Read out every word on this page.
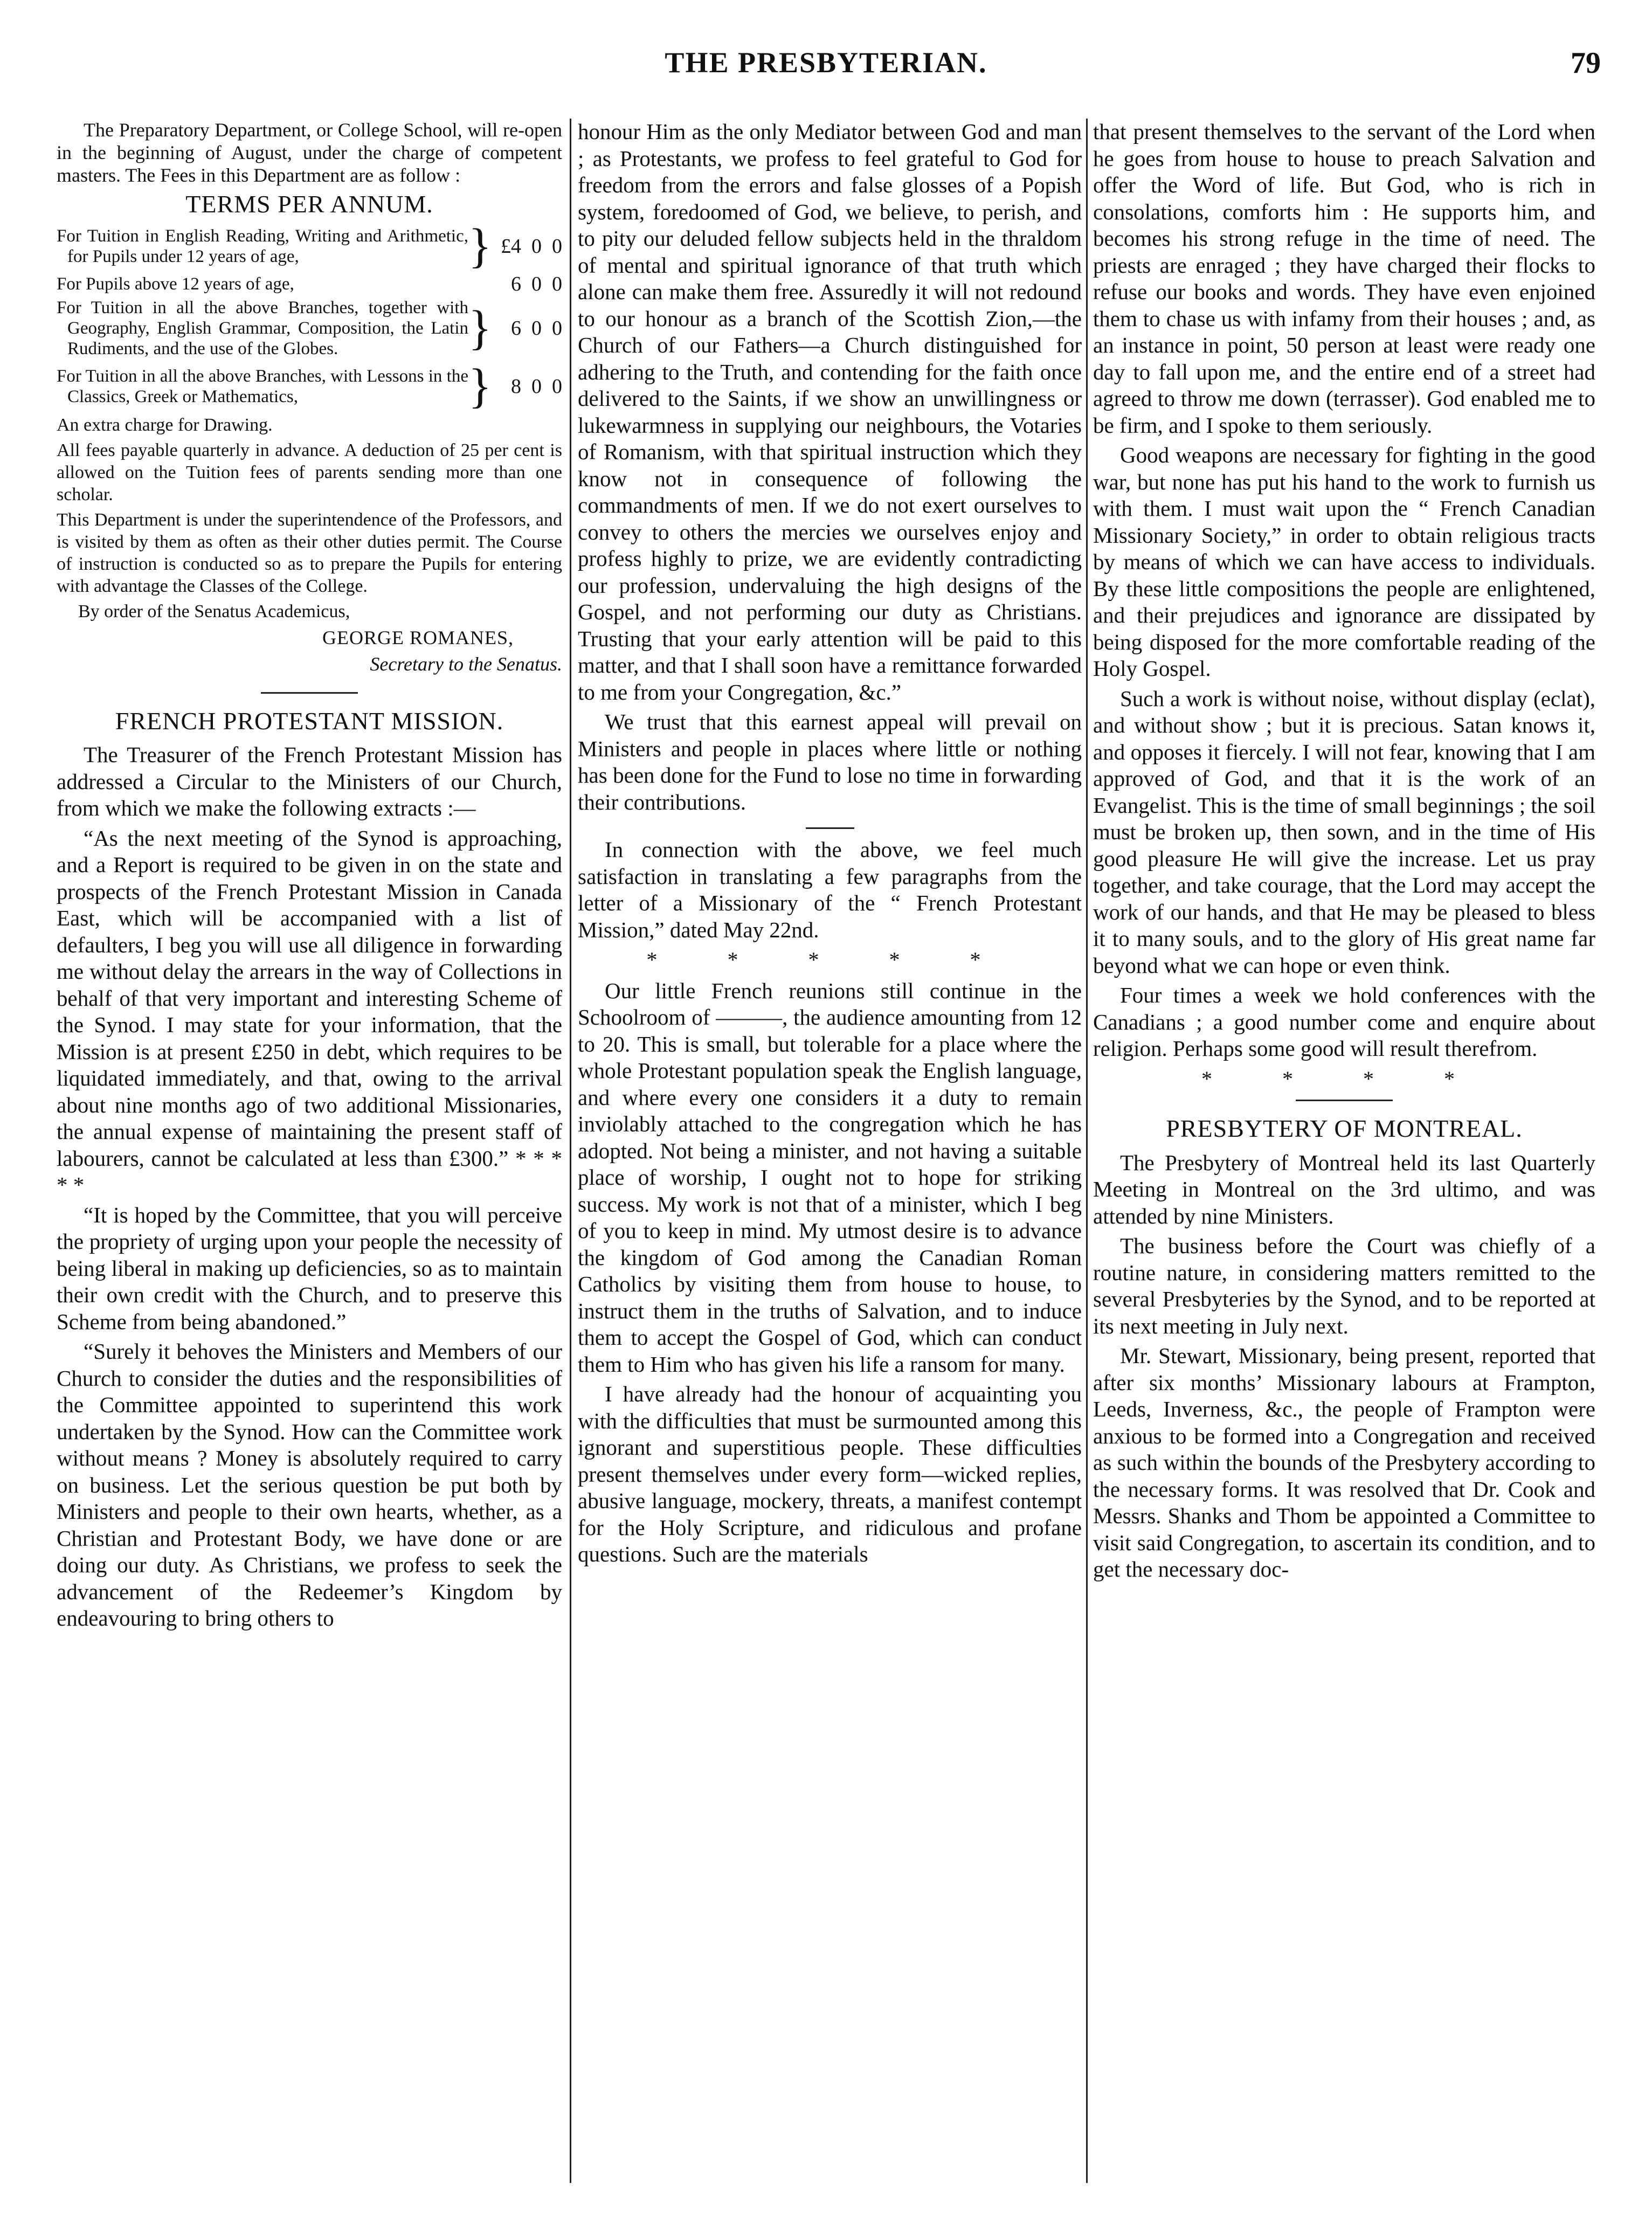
THE PRESBYTERIAN.	79

The Preparatory Department, or College School, will re-open in the beginning of August, under the charge of competent masters. The Fees in this Department are as follow :

TERMS PER ANNUM.
For Tuition in English Reading, Writing and Arithmetic, for Pupils under 12 years of age,	} £4  0  0
For Pupils above 12 years of age,	6  0  0
For Tuition in all the above Branches, together with Geography, English Grammar, Composition, the Latin Rudiments, and the use of the Globes.	} 6  0  0
For Tuition in all the above Branches, with Lessons in the Classics, Greek or Mathematics,	} 8  0  0

An extra charge for Drawing.

All fees payable quarterly in advance. A deduction of 25 per cent is allowed on the Tuition fees of parents sending more than one scholar.

This Department is under the superintendence of the Professors, and is visited by them as often as their other duties permit. The Course of instruction is conducted so as to prepare the Pupils for entering with advantage the Classes of the College.

By order of the Senatus Academicus,
GEORGE ROMANES,
Secretary to the Senatus.
FRENCH PROTESTANT MISSION.

The Treasurer of the French Protestant Mission has addressed a Circular to the Ministers of our Church, from which we make the following extracts :—

“As the next meeting of the Synod is approaching, and a Report is required to be given in on the state and prospects of the French Protestant Mission in Canada East, which will be accompanied with a list of defaulters, I beg you will use all diligence in forwarding me without delay the arrears in the way of Collections in behalf of that very important and interesting Scheme of the Synod. I may state for your information, that the Mission is at present £250 in debt, which requires to be liquidated immediately, and that, owing to the arrival about nine months ago of two additional Missionaries, the annual expense of maintaining the present staff of labourers, cannot be calculated at less than £300.” * * * * *

“It is hoped by the Committee, that you will perceive the propriety of urging upon your people the necessity of being liberal in making up deficiencies, so as to maintain their own credit with the Church, and to preserve this Scheme from being abandoned.”

“Surely it behoves the Ministers and Members of our Church to consider the duties and the responsibilities of the Committee appointed to superintend this work undertaken by the Synod. How can the Committee work without means ? Money is absolutely required to carry on business. Let the serious question be put both by Ministers and people to their own hearts, whether, as a Christian and Protestant Body, we have done or are doing our duty. As Christians, we profess to seek the advancement of the Redeemer’s Kingdom by endeavouring to bring others to

honour Him as the only Mediator between God and man ; as Protestants, we profess to feel grateful to God for freedom from the errors and false glosses of a Popish system, foredoomed of God, we believe, to perish, and to pity our deluded fellow subjects held in the thraldom of mental and spiritual ignorance of that truth which alone can make them free. Assuredly it will not redound to our honour as a branch of the Scottish Zion,—the Church of our Fathers—a Church distinguished for adhering to the Truth, and contending for the faith once delivered to the Saints, if we show an unwillingness or lukewarmness in supplying our neighbours, the Votaries of Romanism, with that spiritual instruction which they know not in consequence of following the commandments of men. If we do not exert ourselves to convey to others the mercies we ourselves enjoy and profess highly to prize, we are evidently contradicting our profession, undervaluing the high designs of the Gospel, and not performing our duty as Christians. Trusting that your early attention will be paid to this matter, and that I shall soon have a remittance forwarded to me from your Congregation, &c.”

We trust that this earnest appeal will prevail on Ministers and people in places where little or nothing has been done for the Fund to lose no time in forwarding their contributions.

In connection with the above, we feel much satisfaction in translating a few paragraphs from the letter of a Missionary of the “ French Protestant Mission,” dated May 22nd.

* * * * *

Our little French reunions still continue in the Schoolroom of ———, the audience amounting from 12 to 20. This is small, but tolerable for a place where the whole Protestant population speak the English language, and where every one considers it a duty to remain inviolably attached to the congregation which he has adopted. Not being a minister, and not having a suitable place of worship, I ought not to hope for striking success. My work is not that of a minister, which I beg of you to keep in mind. My utmost desire is to advance the kingdom of God among the Canadian Roman Catholics by visiting them from house to house, to instruct them in the truths of Salvation, and to induce them to accept the Gospel of God, which can conduct them to Him who has given his life a ransom for many.

I have already had the honour of acquainting you with the difficulties that must be surmounted among this ignorant and superstitious people. These difficulties present themselves under every form—wicked replies, abusive language, mockery, threats, a manifest contempt for the Holy Scripture, and ridiculous and profane questions. Such are the materials

that present themselves to the servant of the Lord when he goes from house to house to preach Salvation and offer the Word of life. But God, who is rich in consolations, comforts him : He supports him, and becomes his strong refuge in the time of need. The priests are enraged ; they have charged their flocks to refuse our books and words. They have even enjoined them to chase us with infamy from their houses ; and, as an instance in point, 50 person at least were ready one day to fall upon me, and the entire end of a street had agreed to throw me down (terrasser). God enabled me to be firm, and I spoke to them seriously.

Good weapons are necessary for fighting in the good war, but none has put his hand to the work to furnish us with them. I must wait upon the “ French Canadian Missionary Society,” in order to obtain religious tracts by means of which we can have access to individuals. By these little compositions the people are enlightened, and their prejudices and ignorance are dissipated by being disposed for the more comfortable reading of the Holy Gospel.

Such a work is without noise, without display (eclat), and without show ; but it is precious. Satan knows it, and opposes it fiercely. I will not fear, knowing that I am approved of God, and that it is the work of an Evangelist. This is the time of small beginnings ; the soil must be broken up, then sown, and in the time of His good pleasure He will give the increase. Let us pray together, and take courage, that the Lord may accept the work of our hands, and that He may be pleased to bless it to many souls, and to the glory of His great name far beyond what we can hope or even think.

Four times a week we hold conferences with the Canadians ; a good number come and enquire about religion. Perhaps some good will result therefrom.

* * * *
PRESBYTERY OF MONTREAL.

The Presbytery of Montreal held its last Quarterly Meeting in Montreal on the 3rd ultimo, and was attended by nine Ministers.

The business before the Court was chiefly of a routine nature, in considering matters remitted to the several Presbyteries by the Synod, and to be reported at its next meeting in July next.

Mr. Stewart, Missionary, being present, reported that after six months’ Missionary labours at Frampton, Leeds, Inverness, &c., the people of Frampton were anxious to be formed into a Congregation and received as such within the bounds of the Presbytery according to the necessary forms. It was resolved that Dr. Cook and Messrs. Shanks and Thom be appointed a Committee to visit said Congregation, to ascertain its condition, and to get the necessary doc-
